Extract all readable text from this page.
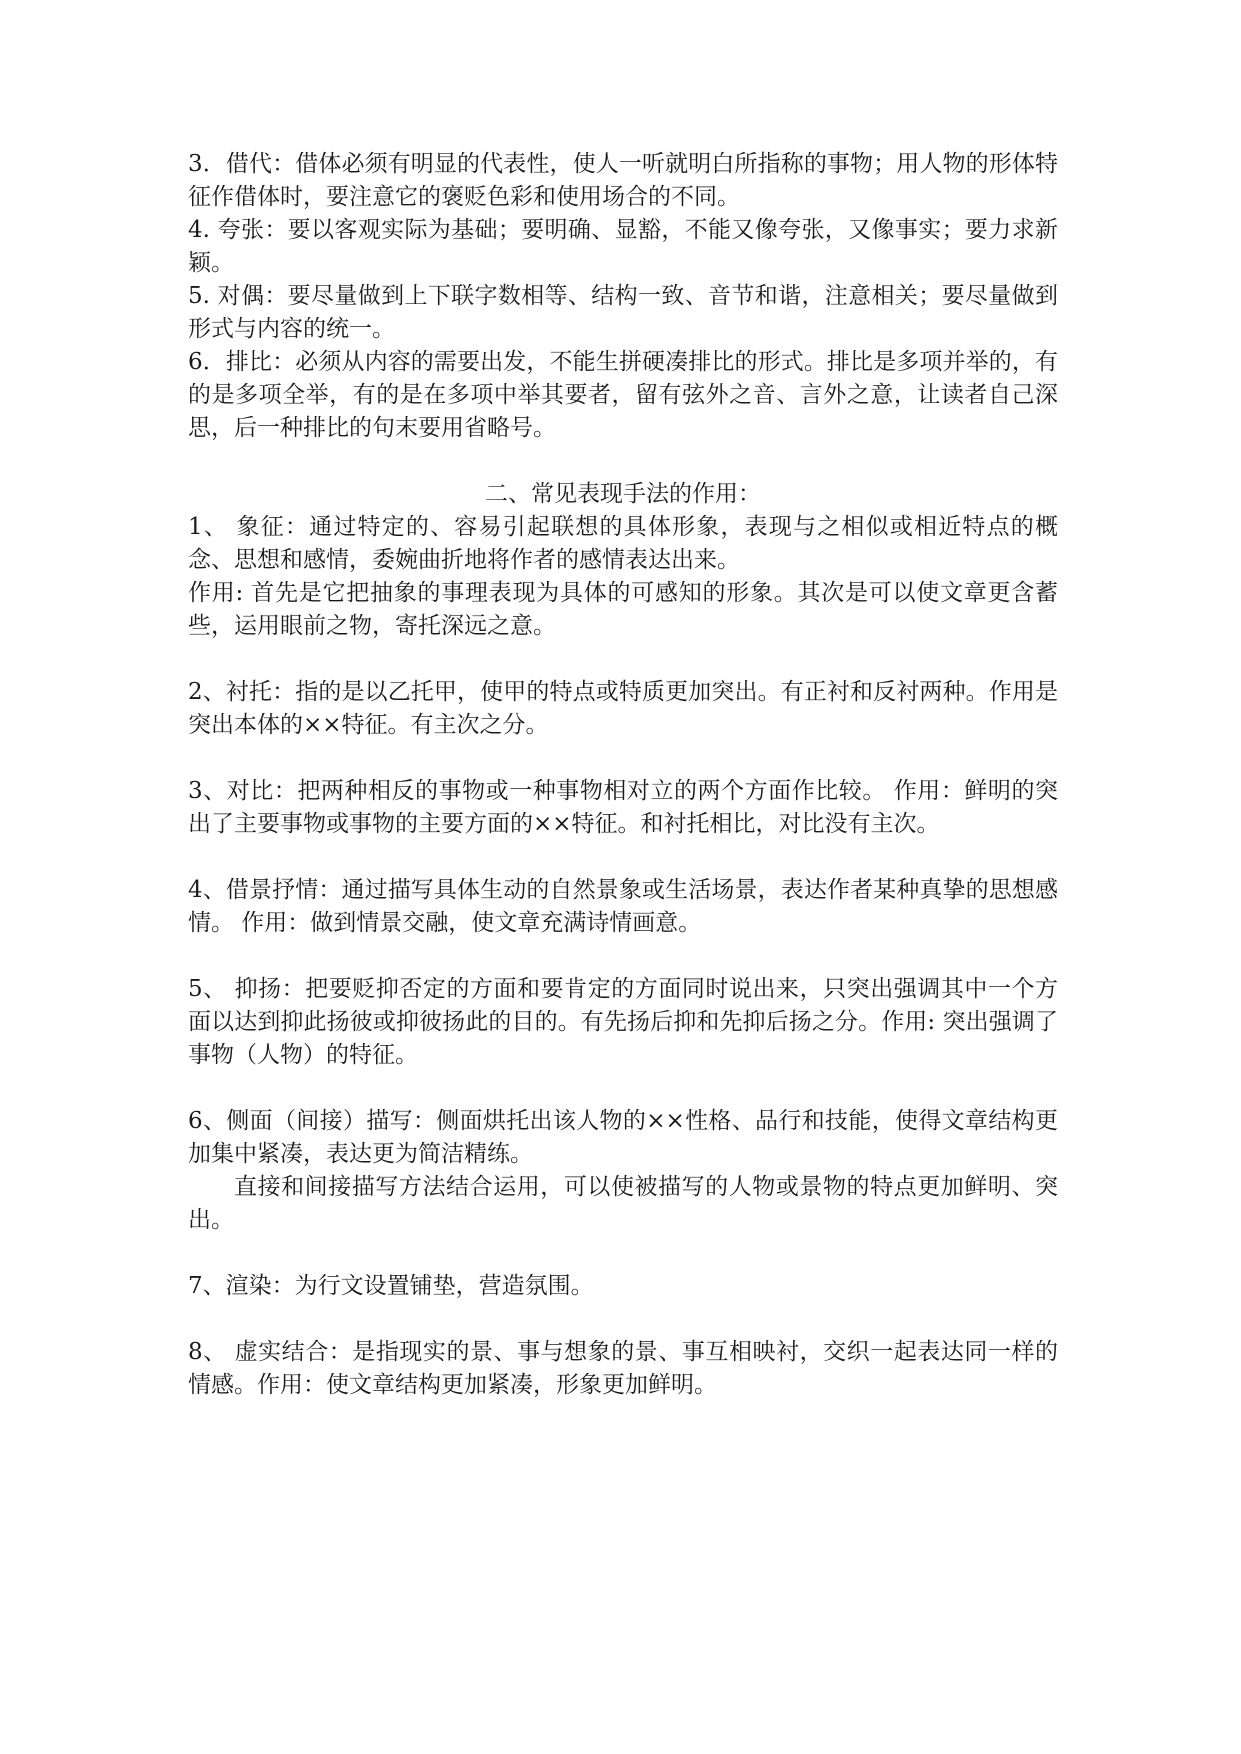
3．借代：借体必须有明显的代表性，使人一听就明白所指称的事物；用人物的形体特征作借体时，要注意它的褒贬色彩和使用场合的不同。

4. 夸张：要以客观实际为基础；要明确、显豁，不能又像夸张，又像事实；要力求新颖。

5. 对偶：要尽量做到上下联字数相等、结构一致、音节和谐，注意相关；要尽量做到形式与内容的统一。

6．排比：必须从内容的需要出发，不能生拼硬凑排比的形式。排比是多项并举的，有的是多项全举，有的是在多项中举其要者，留有弦外之音、言外之意，让读者自己深思，后一种排比的句末要用省略号。

二、常见表现手法的作用：

1、 象征：通过特定的、容易引起联想的具体形象，表现与之相似或相近特点的概念、思想和感情，委婉曲折地将作者的感情表达出来。

作用: 首先是它把抽象的事理表现为具体的可感知的形象。其次是可以使文章更含蓄些，运用眼前之物，寄托深远之意。

2、衬托：指的是以乙托甲，使甲的特点或特质更加突出。有正衬和反衬两种。作用是突出本体的××特征。有主次之分。

3、对比：把两种相反的事物或一种事物相对立的两个方面作比较。 作用：鲜明的突出了主要事物或事物的主要方面的××特征。和衬托相比，对比没有主次。

4、借景抒情：通过描写具体生动的自然景象或生活场景，表达作者某种真挚的思想感情。 作用：做到情景交融，使文章充满诗情画意。

5、 抑扬：把要贬抑否定的方面和要肯定的方面同时说出来，只突出强调其中一个方面以达到抑此扬彼或抑彼扬此的目的。有先扬后抑和先抑后扬之分。作用: 突出强调了事物（人物）的特征。

6、侧面（间接）描写：侧面烘托出该人物的××性格、品行和技能，使得文章结构更加集中紧凑，表达更为简洁精练。

直接和间接描写方法结合运用，可以使被描写的人物或景物的特点更加鲜明、突出。

7、渲染：为行文设置铺垫，营造氛围。

8、 虚实结合：是指现实的景、事与想象的景、事互相映衬，交织一起表达同一样的情感。作用：使文章结构更加紧凑，形象更加鲜明。
